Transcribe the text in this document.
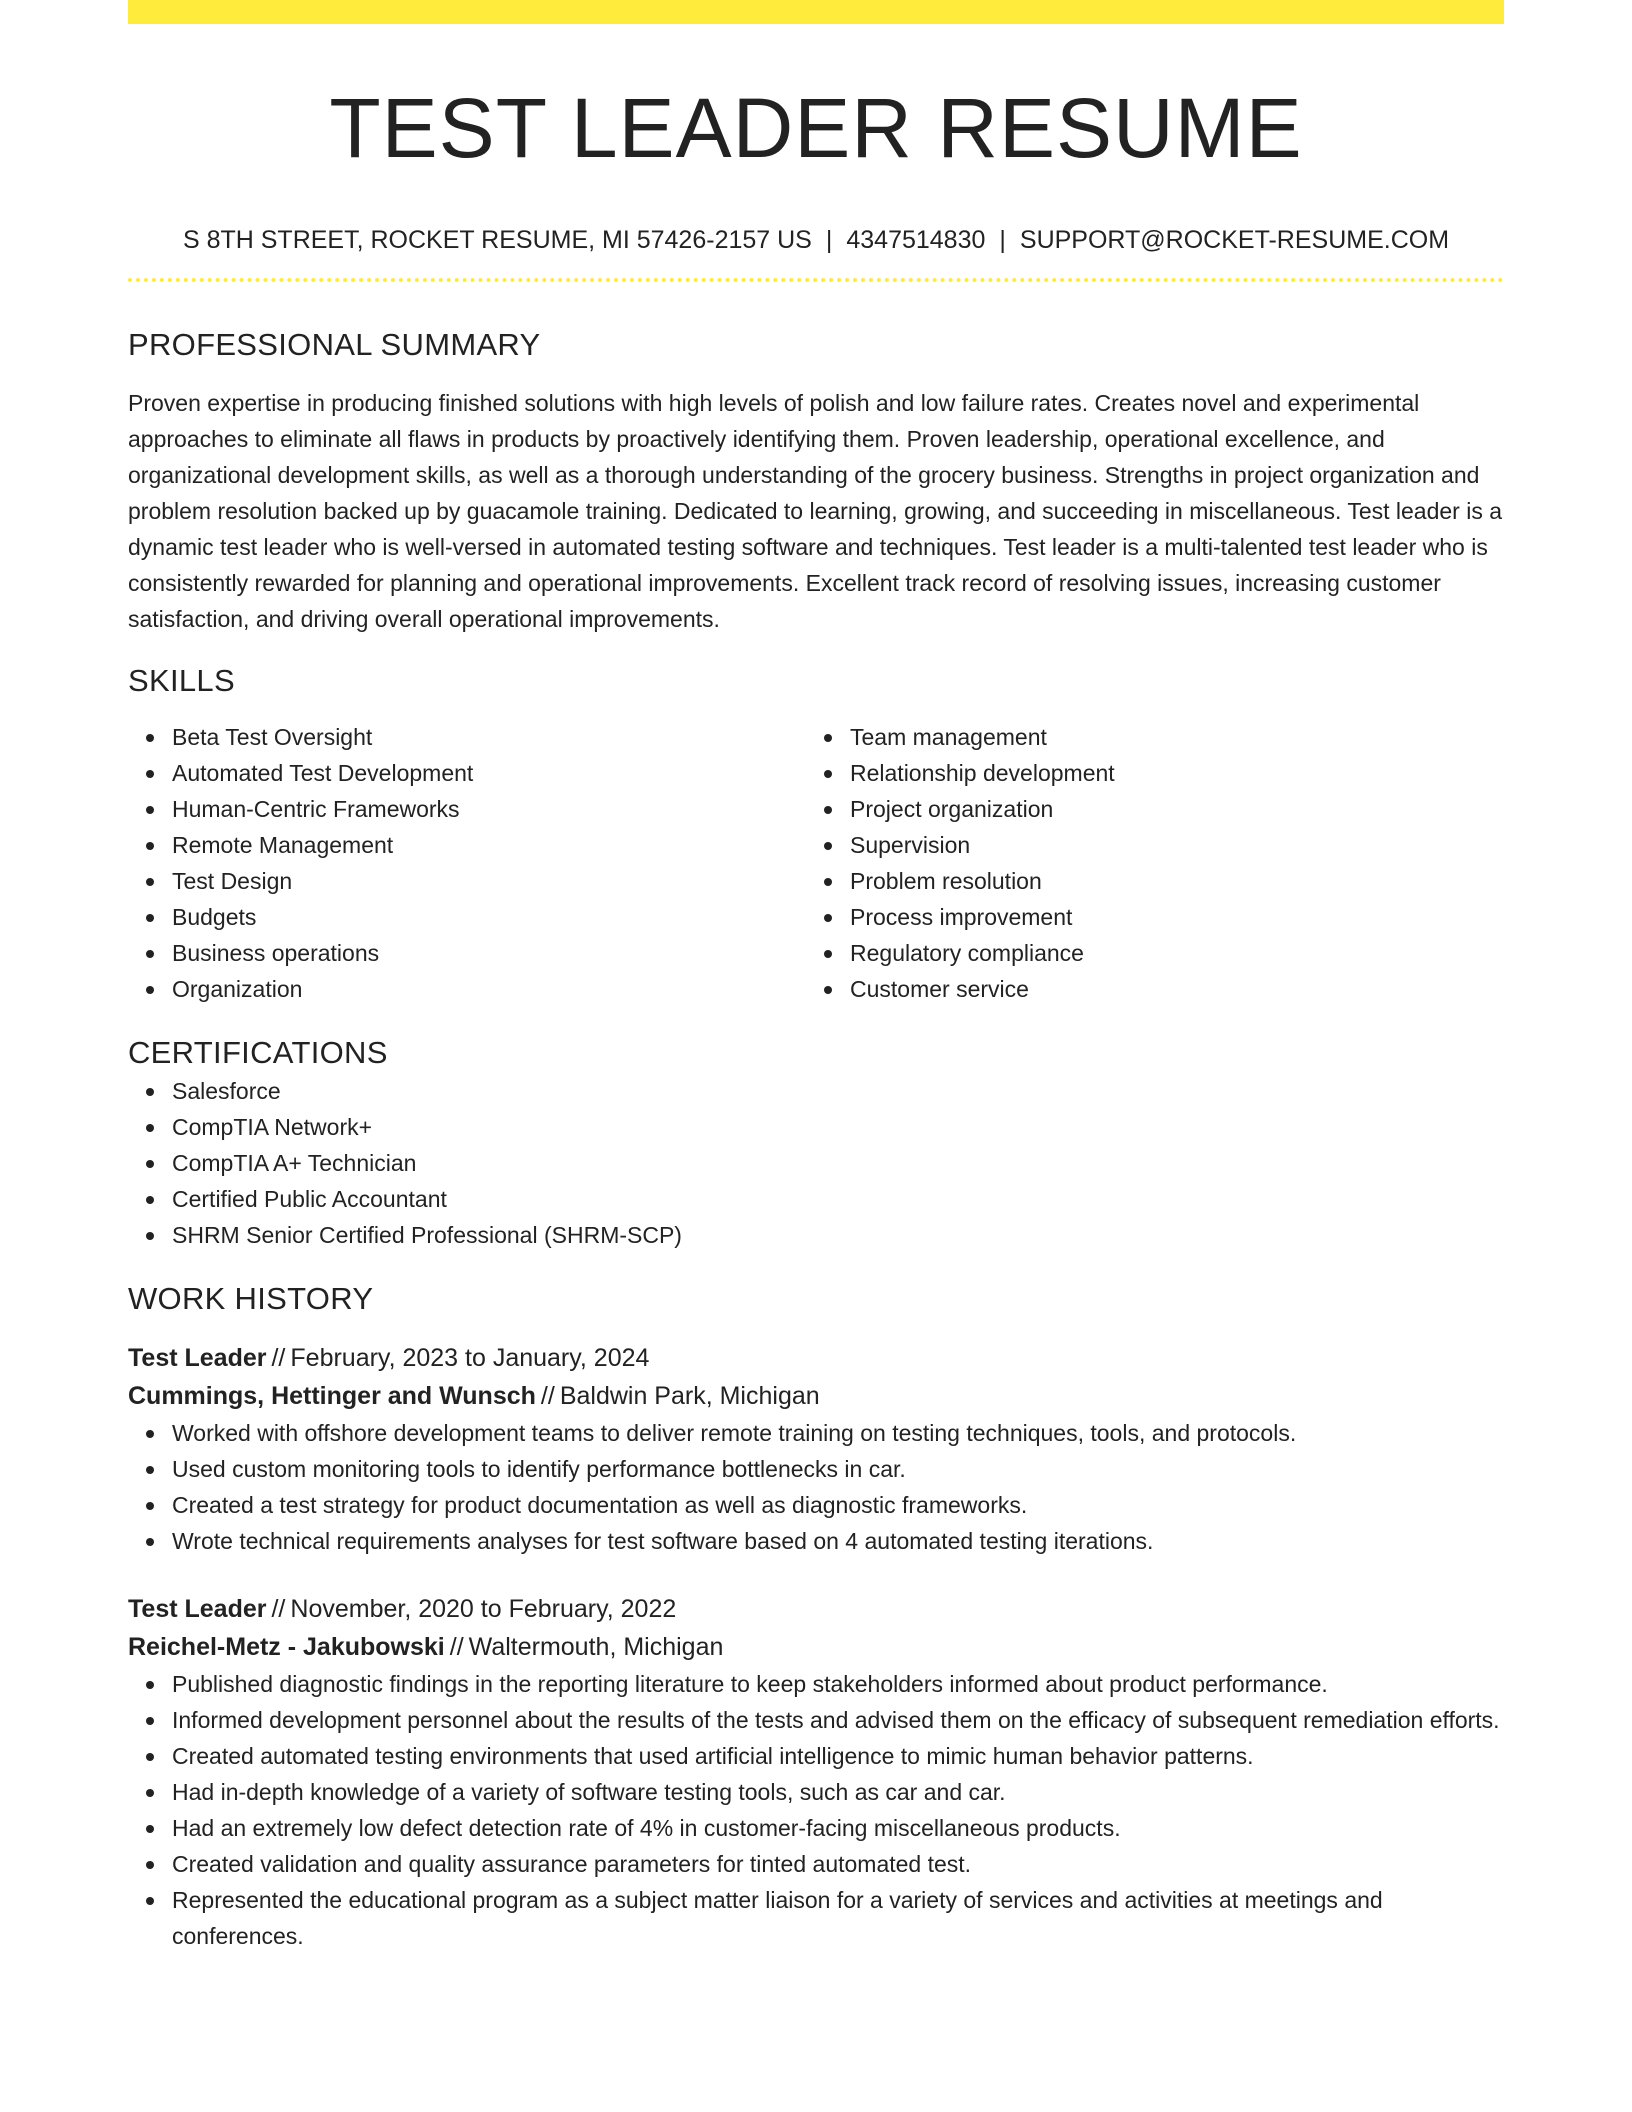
TEST LEADER RESUME
S 8TH STREET, ROCKET RESUME, MI 57426-2157 US | 4347514830 | SUPPORT@ROCKET-RESUME.COM
PROFESSIONAL SUMMARY

Proven expertise in producing finished solutions with high levels of polish and low failure rates. Creates novel and experimental approaches to eliminate all flaws in products by proactively identifying them. Proven leadership, operational excellence, and organizational development skills, as well as a thorough understanding of the grocery business. Strengths in project organization and problem resolution backed up by guacamole training. Dedicated to learning, growing, and succeeding in miscellaneous. Test leader is a dynamic test leader who is well-versed in automated testing software and techniques. Test leader is a multi-talented test leader who is consistently rewarded for planning and operational improvements. Excellent track record of resolving issues, increasing customer satisfaction, and driving overall operational improvements.

SKILLS
Beta Test Oversight
Automated Test Development
Human-Centric Frameworks
Remote Management
Test Design
Budgets
Business operations
Organization
Team management
Relationship development
Project organization
Supervision
Problem resolution
Process improvement
Regulatory compliance
Customer service
CERTIFICATIONS
Salesforce
CompTIA Network+
CompTIA A+ Technician
Certified Public Accountant
SHRM Senior Certified Professional (SHRM-SCP)
WORK HISTORY
Test Leader // February, 2023 to January, 2024
Cummings, Hettinger and Wunsch // Baldwin Park, Michigan
Worked with offshore development teams to deliver remote training on testing techniques, tools, and protocols.
Used custom monitoring tools to identify performance bottlenecks in car.
Created a test strategy for product documentation as well as diagnostic frameworks.
Wrote technical requirements analyses for test software based on 4 automated testing iterations.
Test Leader // November, 2020 to February, 2022
Reichel-Metz - Jakubowski // Waltermouth, Michigan
Published diagnostic findings in the reporting literature to keep stakeholders informed about product performance.
Informed development personnel about the results of the tests and advised them on the efficacy of subsequent remediation efforts.
Created automated testing environments that used artificial intelligence to mimic human behavior patterns.
Had in-depth knowledge of a variety of software testing tools, such as car and car.
Had an extremely low defect detection rate of 4% in customer-facing miscellaneous products.
Created validation and quality assurance parameters for tinted automated test.
Represented the educational program as a subject matter liaison for a variety of services and activities at meetings and conferences.
